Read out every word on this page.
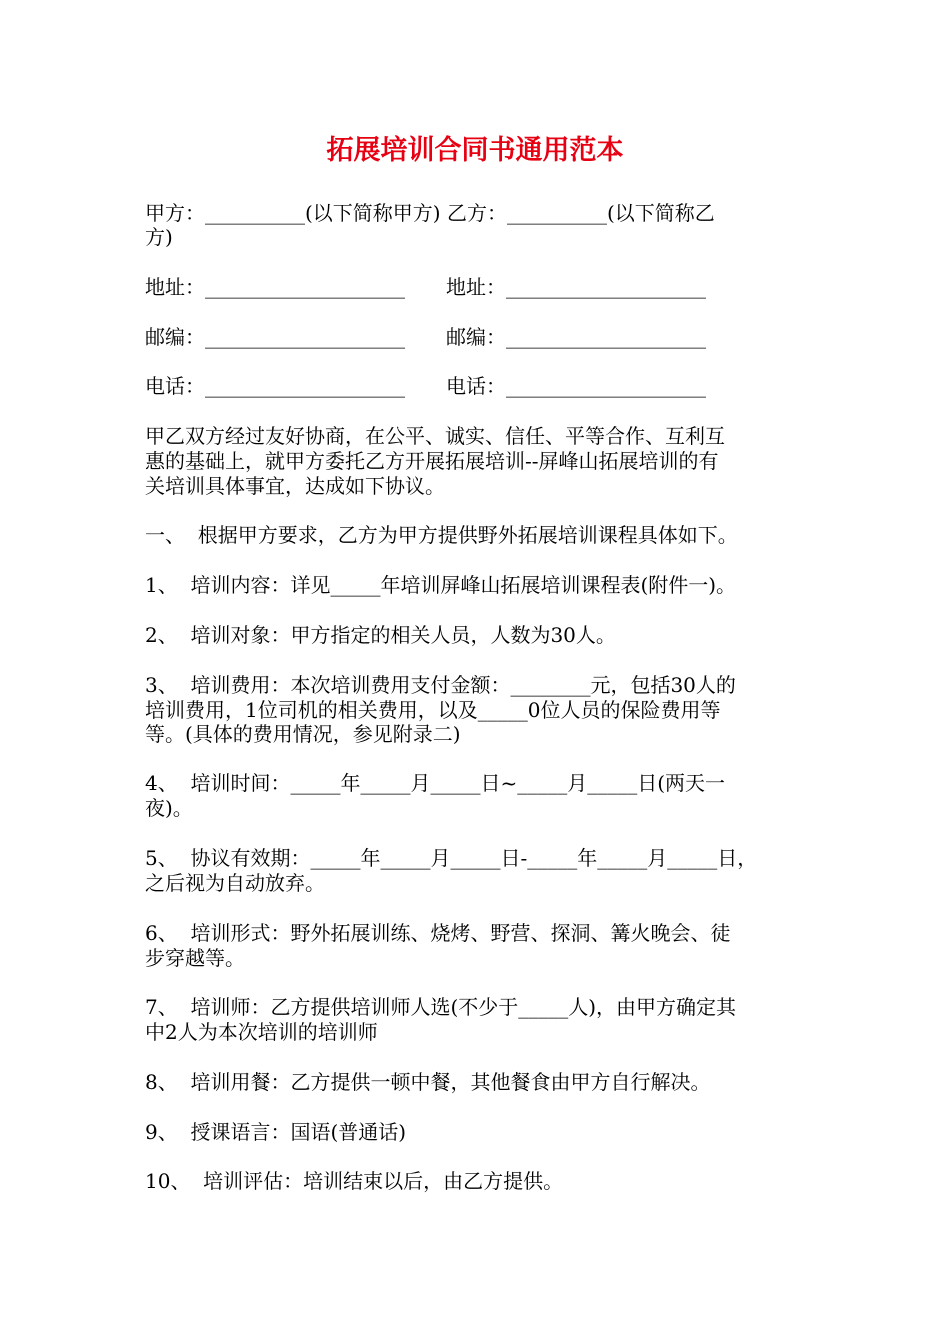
拓展培训合同书通用范本
甲方：__________(以下简称甲方) 乙方：__________(以下简称乙
方)
地址：____________________ 地址：____________________
邮编：____________________ 邮编：____________________
电话：____________________ 电话：____________________
甲乙双方经过友好协商，在公平、诚实、信任、平等合作、互利互
惠的基础上，就甲方委托乙方开展拓展培训--屏峰山拓展培训的有
关培训具体事宜，达成如下协议。
一、  根据甲方要求，乙方为甲方提供野外拓展培训课程具体如下。
1、  培训内容：详见_____年培训屏峰山拓展培训课程表(附件一)。
2、  培训对象：甲方指定的相关人员，人数为30人。
3、  培训费用：本次培训费用支付金额：________元，包括30人的
培训费用，1位司机的相关费用，以及_____0位人员的保险费用等
等。(具体的费用情况，参见附录二)
4、  培训时间：_____年_____月_____日~_____月_____日(两天一
夜)。
5、  协议有效期：_____年_____月_____日-_____年_____月_____日，
之后视为自动放弃。
6、  培训形式：野外拓展训练、烧烤、野营、探洞、篝火晚会、徒
步穿越等。
7、  培训师：乙方提供培训师人选(不少于_____人)，由甲方确定其
中2人为本次培训的培训师
8、  培训用餐：乙方提供一顿中餐，其他餐食由甲方自行解决。
9、  授课语言：国语(普通话)
10、  培训评估：培训结束以后，由乙方提供。
